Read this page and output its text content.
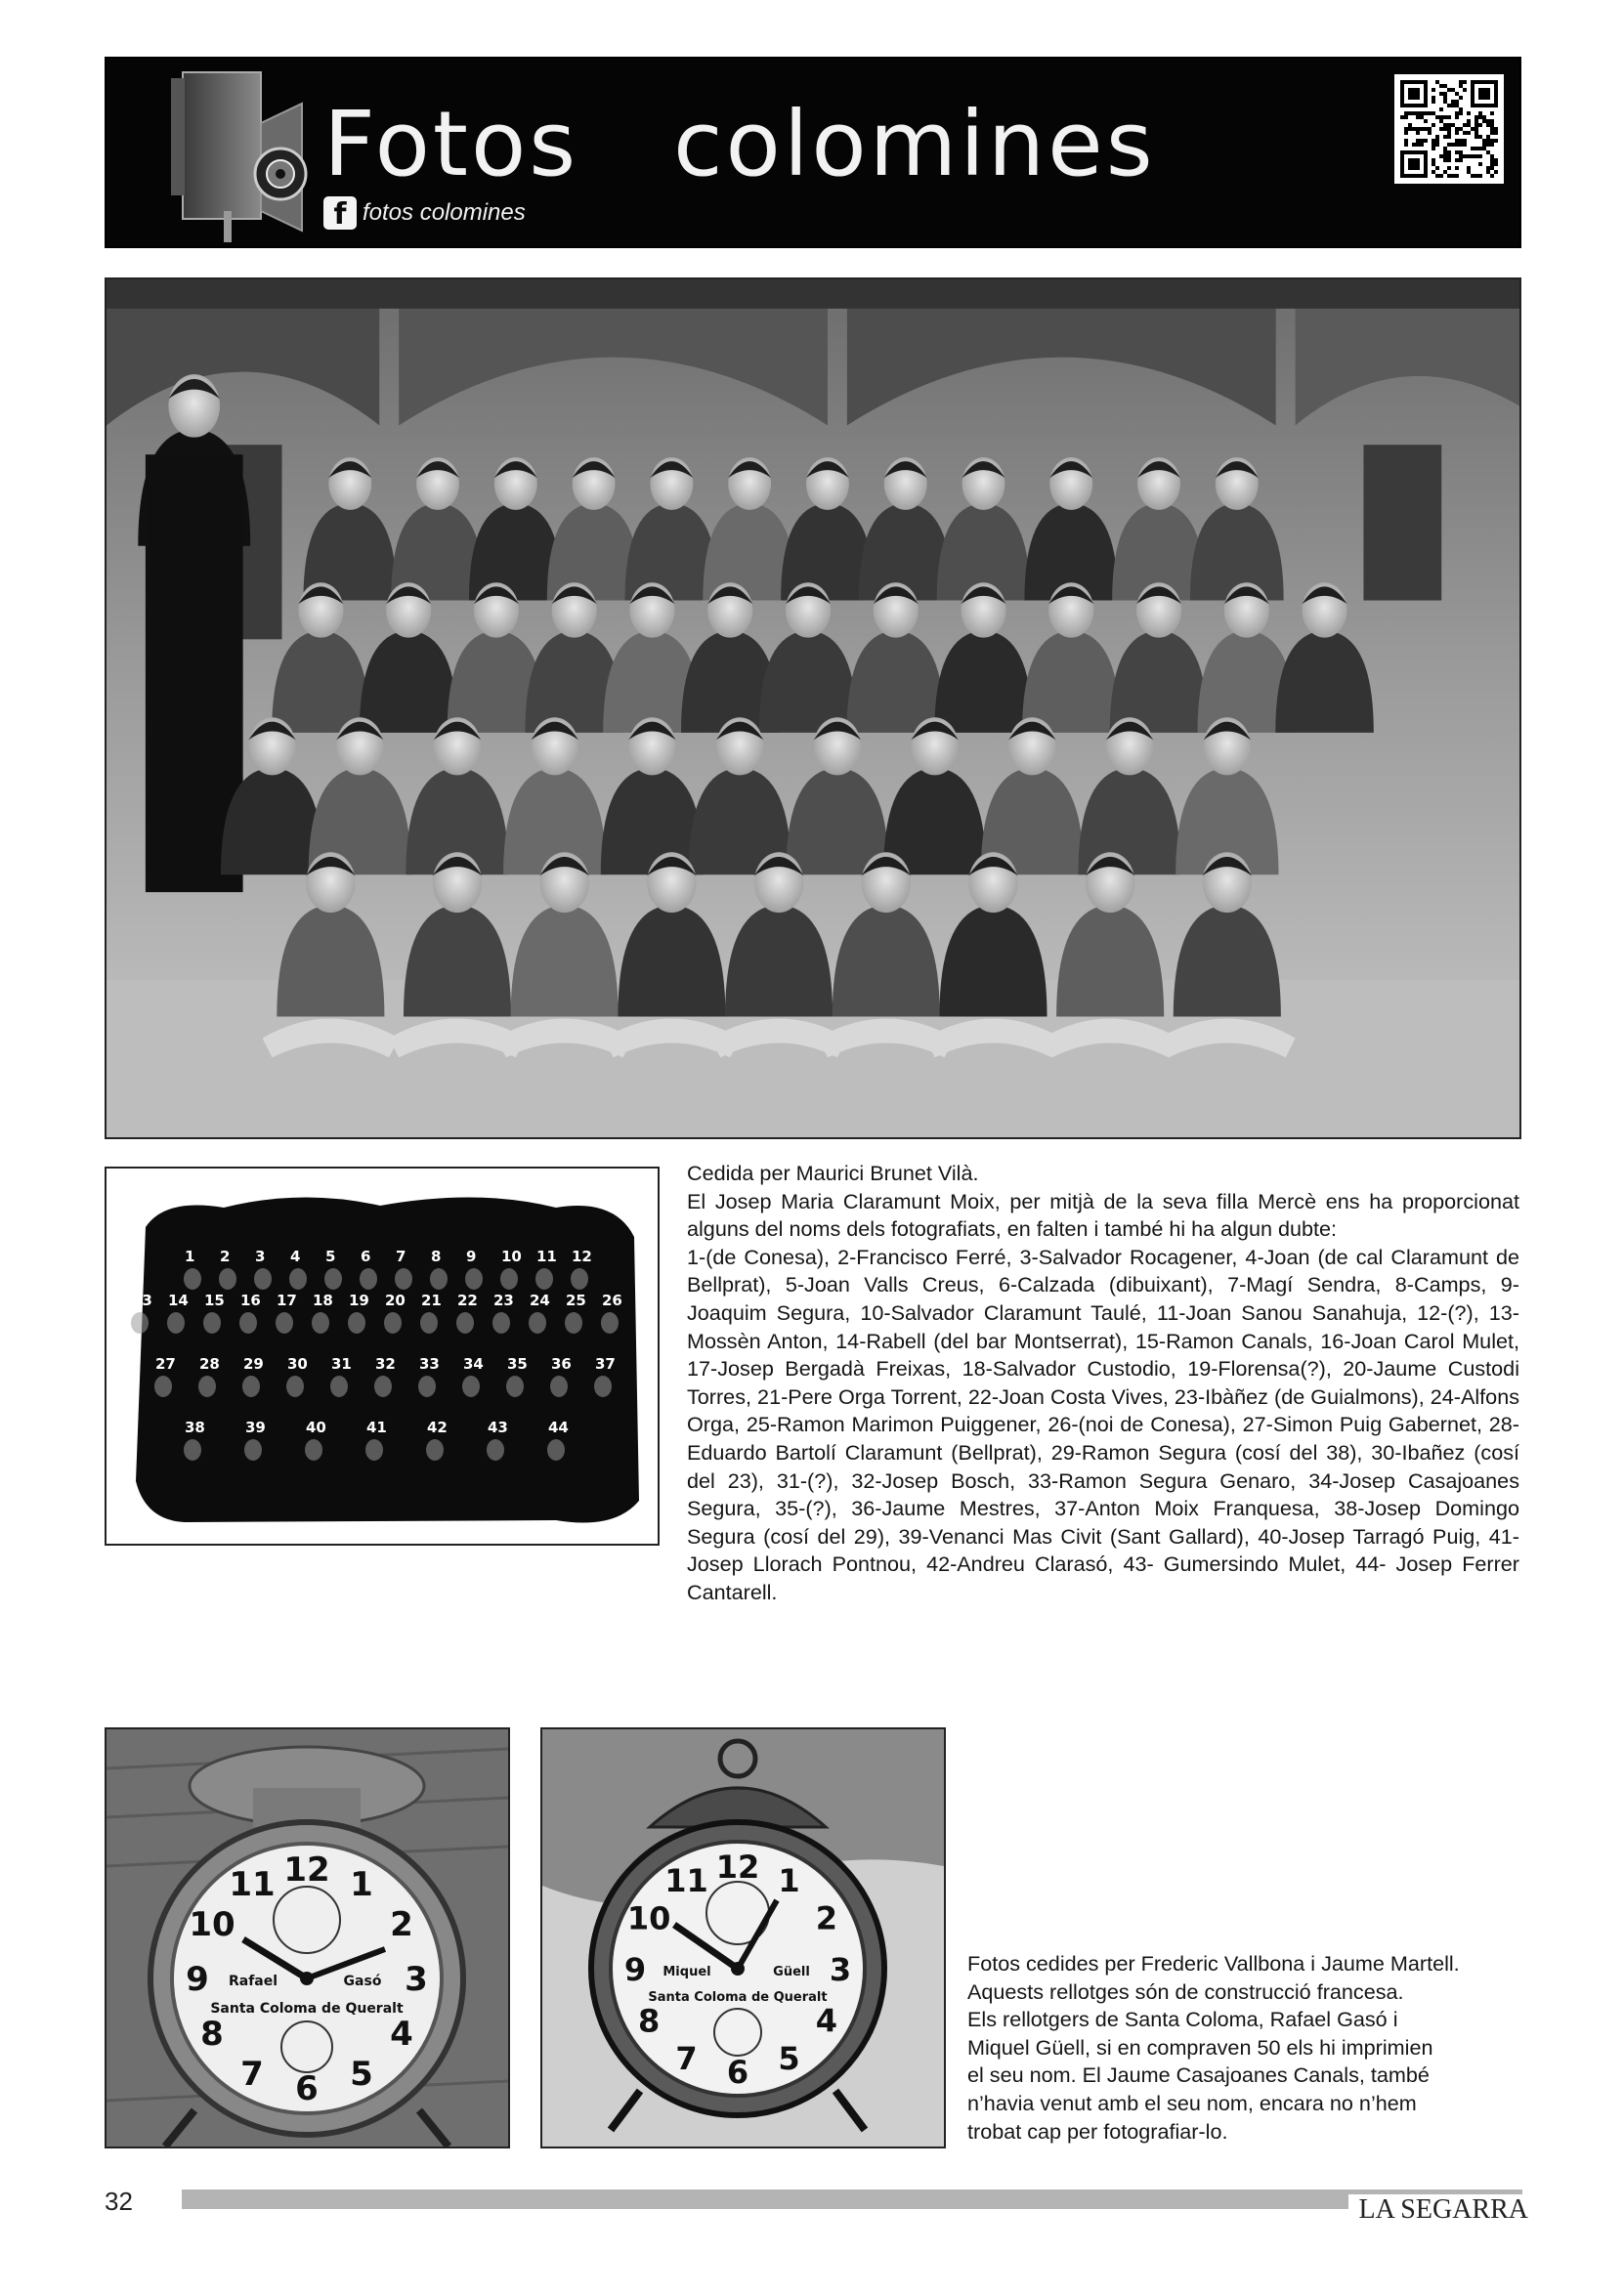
Fotos   colomines
f fotos colomines
1 2 3 4 5 6 7 8 9 10 11 12
13 14 15 16 17 18 19 20 21 22 23 24 25 26
27 28 29 30 31 32 33 34 35 36 37
38	39	40	41	42	43	44

Cedida per Maurici Brunet Vilà.

El Josep Maria Claramunt Moix, per mitjà de la seva filla Mercè ens ha proporcionat alguns del noms dels fotografiats, en falten i també hi ha algun dubte:

1-(de Conesa), 2-Francisco Ferré, 3-Salvador Rocagener, 4-Joan (de cal Claramunt de Bellprat), 5-Joan Valls Creus, 6-Calzada (dibuixant), 7-Magí Sendra, 8-Camps, 9-Joaquim Segura, 10-Salvador Claramunt Taulé, 11-Joan Sanou Sanahuja, 12-(?), 13-Mossèn Anton, 14-Rabell (del bar Montserrat), 15-Ramon Canals, 16-Joan Carol Mulet, 17-Josep Bergadà Freixas, 18-Salvador Custodio, 19-Florensa(?), 20-Jaume Custodi Torres, 21-Pere Orga Torrent, 22-Joan Costa Vives, 23-Ibàñez (de Guialmons), 24-Alfons Orga, 25-Ramon Marimon Puiggener, 26-(noi de Conesa), 27-Simon Puig Gabernet, 28- Eduardo Bartolí Claramunt (Bellprat), 29-Ramon Segura (cosí del 38), 30-Ibañez (cosí del 23), 31-(?), 32-Josep Bosch, 33-Ramon Segura Genaro, 34-Josep Casajoanes Segura, 35-(?), 36-Jaume Mestres, 37-Anton Moix Franquesa, 38-Josep Domingo Segura (cosí del 29), 39-Venanci Mas Civit (Sant Gallard), 40-Josep Tarragó Puig, 41-Josep Llorach Pontnou, 42-Andreu Clarasó, 43- Gumersindo Mulet, 44- Josep Ferrer Cantarell.

1
2
3
4
5
6
7
8
9
10
11 12
Rafael	Gasó
Santa Coloma de Queralt
1
2
3
4
5
6
7
8
9
10
11 12
Miquel	Güell
Santa Coloma de Queralt

Fotos cedides per Frederic Vallbona i Jaume Martell.

Aquests rellotges són de construcció francesa.

Els rellotgers de Santa Coloma, Rafael Gasó i

Miquel Güell, si en compraven 50 els hi imprimien

el seu nom. El Jaume Casajoanes Canals, també

n’havia venut amb el seu nom, encara no n’hem

trobat cap per fotografiar-lo.

32	LA SEGARRA
